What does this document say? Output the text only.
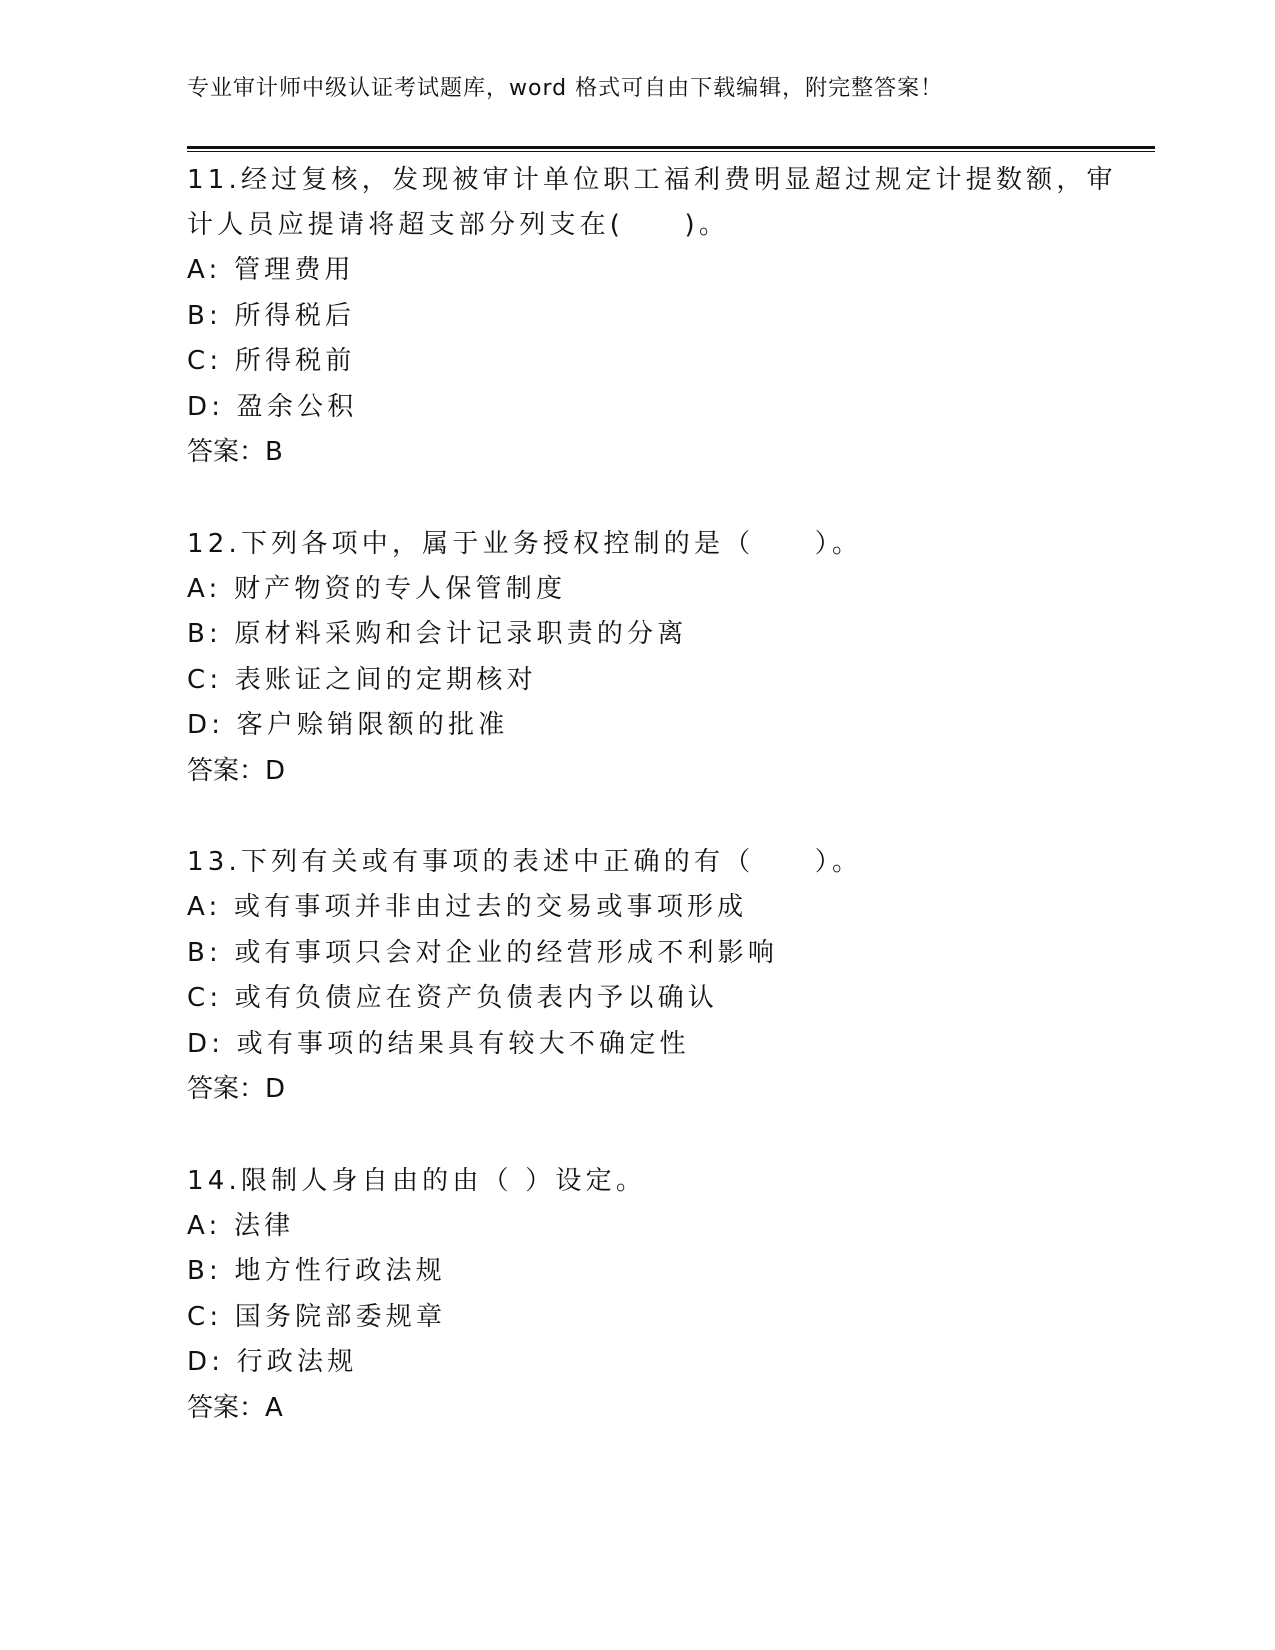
专业审计师中级认证考试题库，word 格式可自由下载编辑，附完整答案！
11.经过复核，发现被审计单位职工福利费明显超过规定计提数额，审
计人员应提请将超支部分列支在(　　)。
A: 管理费用
B: 所得税后
C: 所得税前
D: 盈余公积
答案：B
12.下列各项中，属于业务授权控制的是（　　）。
A: 财产物资的专人保管制度
B: 原材料采购和会计记录职责的分离
C: 表账证之间的定期核对
D: 客户赊销限额的批准
答案：D
13.下列有关或有事项的表述中正确的有（　　）。
A: 或有事项并非由过去的交易或事项形成
B: 或有事项只会对企业的经营形成不利影响
C: 或有负债应在资产负债表内予以确认
D: 或有事项的结果具有较大不确定性
答案：D
14.限制人身自由的由（ ）设定。
A: 法律
B: 地方性行政法规
C: 国务院部委规章
D: 行政法规
答案：A
